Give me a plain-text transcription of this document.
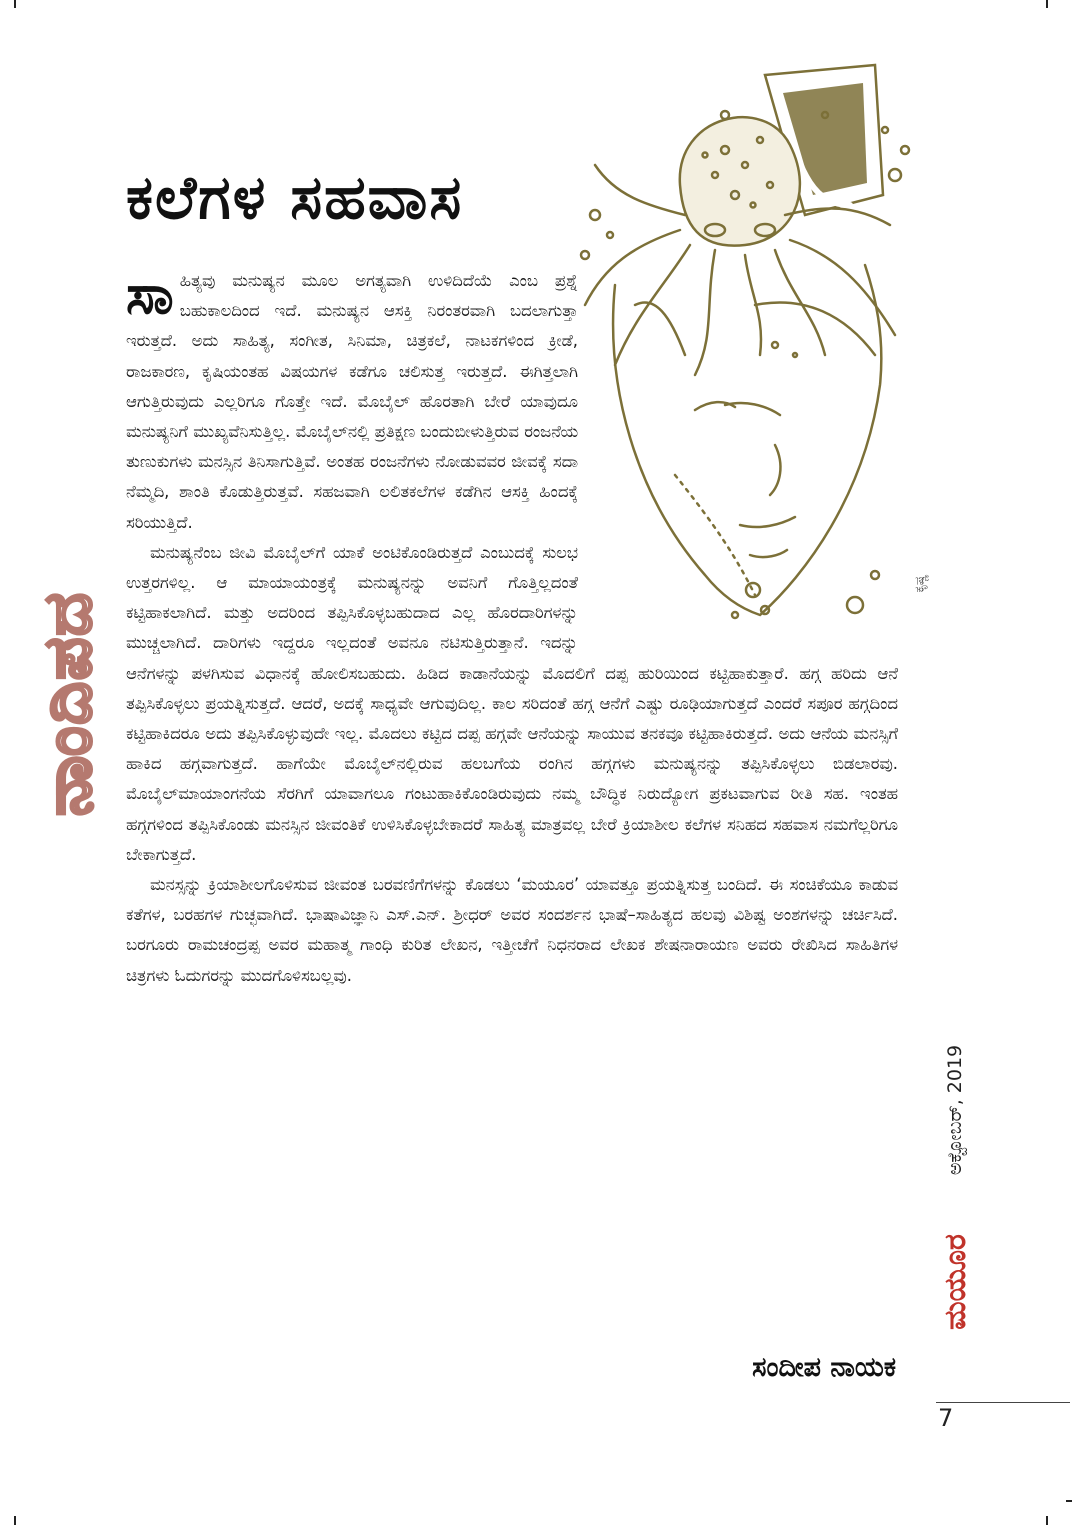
ಕಲೆಗಳ ಸಹವಾಸ
ನಾಂದಿಪದ
ಕೃಷ್ಣ

ಸಾಹಿತ್ಯವು ಮನುಷ್ಯನ ಮೂಲ ಅಗತ್ಯವಾಗಿ ಉಳಿದಿದೆಯೆ ಎಂಬ ಪ್ರಶ್ನೆ ಬಹುಕಾಲದಿಂದ ಇದೆ. ಮನುಷ್ಯನ ಆಸಕ್ತಿ ನಿರಂತರವಾಗಿ ಬದಲಾಗುತ್ತಾ ಇರುತ್ತದೆ. ಅದು ಸಾಹಿತ್ಯ, ಸಂಗೀತ, ಸಿನಿಮಾ, ಚಿತ್ರಕಲೆ, ನಾಟಕಗಳಿಂದ ಕ್ರೀಡೆ, ರಾಜಕಾರಣ, ಕೃಷಿಯಂತಹ ವಿಷಯಗಳ ಕಡೆಗೂ ಚಲಿಸುತ್ತ ಇರುತ್ತದೆ. ಈಗಿತ್ತಲಾಗಿ ಆಗುತ್ತಿರುವುದು ಎಲ್ಲರಿಗೂ ಗೊತ್ತೇ ಇದೆ. ಮೊಬೈಲ್ ಹೊರತಾಗಿ ಬೇರೆ ಯಾವುದೂ ಮನುಷ್ಯನಿಗೆ ಮುಖ್ಯವೆನಿಸುತ್ತಿಲ್ಲ. ಮೊಬೈಲ್‌ನಲ್ಲಿ ಪ್ರತಿಕ್ಷಣ ಬಂದುಬೀಳುತ್ತಿರುವ ರಂಜನೆಯ ತುಣುಕುಗಳು ಮನಸ್ಸಿನ ತಿನಿಸಾಗುತ್ತಿವೆ. ಅಂತಹ ರಂಜನೆಗಳು ನೋಡುವವರ ಜೀವಕ್ಕೆ ಸದಾ ನೆಮ್ಮದಿ, ಶಾಂತಿ ಕೊಡುತ್ತಿರುತ್ತವೆ. ಸಹಜವಾಗಿ ಲಲಿತಕಲೆಗಳ ಕಡೆಗಿನ ಆಸಕ್ತಿ ಹಿಂದಕ್ಕೆ ಸರಿಯುತ್ತಿದೆ.

ಮನುಷ್ಯನೆಂಬ ಜೀವಿ ಮೊಬೈಲ್‌ಗೆ ಯಾಕೆ ಅಂಟಿಕೊಂಡಿರುತ್ತದೆ ಎಂಬುದಕ್ಕೆ ಸುಲಭ ಉತ್ತರಗಳಿಲ್ಲ. ಆ ಮಾಯಾಯಂತ್ರಕ್ಕೆ ಮನುಷ್ಯನನ್ನು ಅವನಿಗೆ ಗೊತ್ತಿಲ್ಲದಂತೆ ಕಟ್ಟಿಹಾಕಲಾಗಿದೆ. ಮತ್ತು ಅದರಿಂದ ತಪ್ಪಿಸಿಕೊಳ್ಳಬಹುದಾದ ಎಲ್ಲ ಹೊರದಾರಿಗಳನ್ನು ಮುಚ್ಚಲಾಗಿದೆ. ದಾರಿಗಳು ಇದ್ದರೂ ಇಲ್ಲದಂತೆ ಅವನೂ ನಟಿಸುತ್ತಿರುತ್ತಾನೆ. ಇದನ್ನು ಆನೆಗಳನ್ನು ಪಳಗಿಸುವ ವಿಧಾನಕ್ಕೆ ಹೋಲಿಸಬಹುದು. ಹಿಡಿದ ಕಾಡಾನೆಯನ್ನು ಮೊದಲಿಗೆ ದಪ್ಪ ಹುರಿಯಿಂದ ಕಟ್ಟಿಹಾಕುತ್ತಾರೆ. ಹಗ್ಗ ಹರಿದು ಆನೆ ತಪ್ಪಿಸಿಕೊಳ್ಳಲು ಪ್ರಯತ್ನಿಸುತ್ತದೆ. ಆದರೆ, ಅದಕ್ಕೆ ಸಾಧ್ಯವೇ ಆಗುವುದಿಲ್ಲ. ಕಾಲ ಸರಿದಂತೆ ಹಗ್ಗ ಆನೆಗೆ ಎಷ್ಟು ರೂಢಿಯಾಗುತ್ತದೆ ಎಂದರೆ ಸಪೂರ ಹಗ್ಗದಿಂದ ಕಟ್ಟಿಹಾಕಿದರೂ ಅದು ತಪ್ಪಿಸಿಕೊಳ್ಳುವುದೇ ಇಲ್ಲ. ಮೊದಲು ಕಟ್ಟಿದ ದಪ್ಪ ಹಗ್ಗವೇ ಆನೆಯನ್ನು ಸಾಯುವ ತನಕವೂ ಕಟ್ಟಿಹಾಕಿರುತ್ತದೆ. ಅದು ಆನೆಯ ಮನಸ್ಸಿಗೆ ಹಾಕಿದ ಹಗ್ಗವಾಗುತ್ತದೆ. ಹಾಗೆಯೇ ಮೊಬೈಲ್‌ನಲ್ಲಿರುವ ಹಲಬಗೆಯ ರಂಗಿನ ಹಗ್ಗಗಳು ಮನುಷ್ಯನನ್ನು ತಪ್ಪಿಸಿಕೊಳ್ಳಲು ಬಿಡಲಾರವು. ಮೊಬೈಲ್‌ಮಾಯಾಂಗನೆಯ ಸೆರಗಿಗೆ ಯಾವಾಗಲೂ ಗಂಟುಹಾಕಿಕೊಂಡಿರುವುದು ನಮ್ಮ ಬೌದ್ಧಿಕ ನಿರುದ್ಯೋಗ ಪ್ರಕಟವಾಗುವ ರೀತಿ ಸಹ. ಇಂತಹ ಹಗ್ಗಗಳಿಂದ ತಪ್ಪಿಸಿಕೊಂಡು ಮನಸ್ಸಿನ ಜೀವಂತಿಕೆ ಉಳಿಸಿಕೊಳ್ಳಬೇಕಾದರೆ ಸಾಹಿತ್ಯ ಮಾತ್ರವಲ್ಲ ಬೇರೆ ಕ್ರಿಯಾಶೀಲ ಕಲೆಗಳ ಸನಿಹದ ಸಹವಾಸ ನಮಗೆಲ್ಲರಿಗೂ ಬೇಕಾಗುತ್ತದೆ.

ಮನಸ್ಸನ್ನು ಕ್ರಿಯಾಶೀಲಗೊಳಿಸುವ ಜೀವಂತ ಬರವಣಿಗೆಗಳನ್ನು ಕೊಡಲು ‘ಮಯೂರ’ ಯಾವತ್ತೂ ಪ್ರಯತ್ನಿಸುತ್ತ ಬಂದಿದೆ. ಈ ಸಂಚಿಕೆಯೂ ಕಾಡುವ ಕತೆಗಳ, ಬರಹಗಳ ಗುಚ್ಛವಾಗಿದೆ. ಭಾಷಾವಿಜ್ಞಾನಿ ಎಸ್.ಎನ್. ಶ್ರೀಧರ್ ಅವರ ಸಂದರ್ಶನ ಭಾಷೆ–ಸಾಹಿತ್ಯದ ಹಲವು ವಿಶಿಷ್ಟ ಅಂಶಗಳನ್ನು ಚರ್ಚಿಸಿದೆ. ಬರಗೂರು ರಾಮಚಂದ್ರಪ್ಪ ಅವರ ಮಹಾತ್ಮ ಗಾಂಧಿ ಕುರಿತ ಲೇಖನ, ಇತ್ತೀಚೆಗೆ ನಿಧನರಾದ ಲೇಖಕ ಶೇಷನಾರಾಯಣ ಅವರು ರೇಖಿಸಿದ ಸಾಹಿತಿಗಳ ಚಿತ್ರಗಳು ಓದುಗರನ್ನು ಮುದಗೊಳಿಸಬಲ್ಲವು.

ಸಂದೀಪ ನಾಯಕ

ಅಕ್ಟೋಬರ್, 2019
ಮಯೂರ

7
